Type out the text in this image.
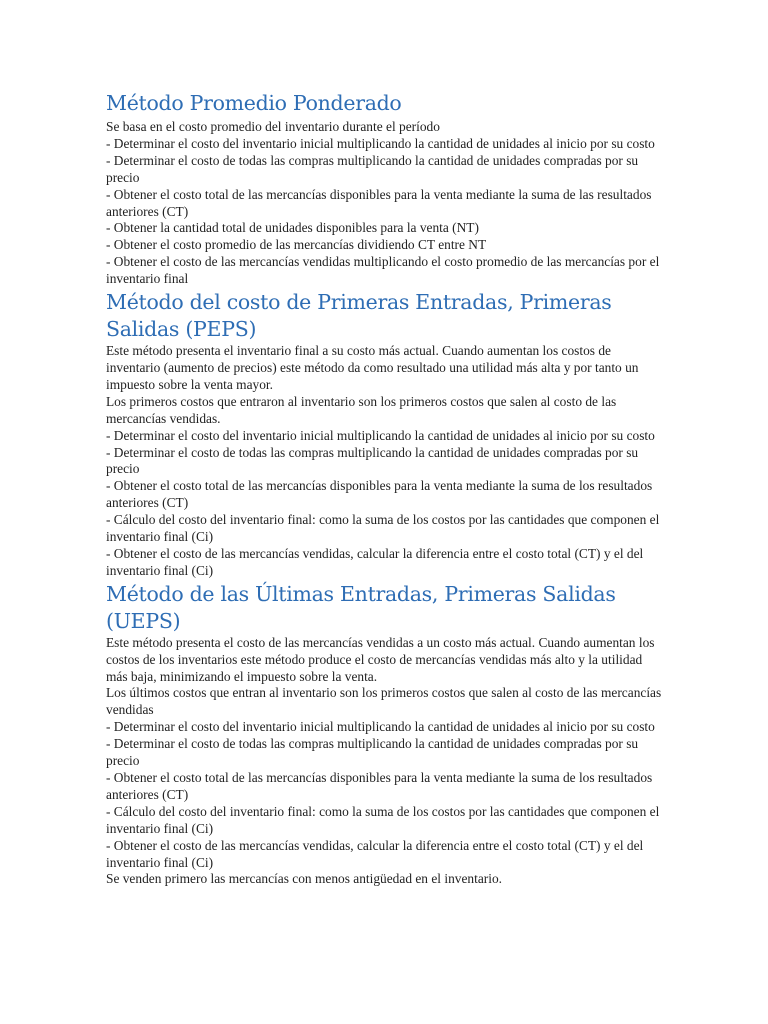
Método Promedio Ponderado

Se basa en el costo promedio del inventario durante el período

- Determinar el costo del inventario inicial multiplicando la cantidad de unidades al inicio por su costo

- Determinar el costo de todas las compras multiplicando la cantidad de unidades compradas por su precio

- Obtener el costo total de las mercancías disponibles para la venta mediante la suma de las resultados anteriores (CT)

- Obtener la cantidad total de unidades disponibles para la venta (NT)

- Obtener el costo promedio de las mercancías dividiendo CT entre NT

- Obtener el costo de las mercancías vendidas multiplicando el costo promedio de las mercancías por el inventario final

Método del costo de Primeras Entradas, Primeras Salidas (PEPS)

Este método presenta el inventario final a su costo más actual. Cuando aumentan los costos de inventario (aumento de precios) este método da como resultado una utilidad más alta y por tanto un impuesto sobre la venta mayor.

Los primeros costos que entraron al inventario son los primeros costos que salen al costo de las mercancías vendidas.

- Determinar el costo del inventario inicial multiplicando la cantidad de unidades al inicio por su costo

- Determinar el costo de todas las compras multiplicando la cantidad de unidades compradas por su precio

- Obtener el costo total de las mercancías disponibles para la venta mediante la suma de los resultados anteriores (CT)

- Cálculo del costo del inventario final: como la suma de los costos por las cantidades que componen el inventario final (Ci)

- Obtener el costo de las mercancías vendidas, calcular la diferencia entre el costo total (CT) y el del inventario final (Ci)

Método de las Últimas Entradas, Primeras Salidas (UEPS)

Este método presenta el costo de las mercancías vendidas a un costo más actual. Cuando aumentan los costos de los inventarios este método produce el costo de mercancías vendidas más alto y la utilidad más baja, minimizando el impuesto sobre la venta.

Los últimos costos que entran al inventario son los primeros costos que salen al costo de las mercancías vendidas

- Determinar el costo del inventario inicial multiplicando la cantidad de unidades al inicio por su costo

- Determinar el costo de todas las compras multiplicando la cantidad de unidades compradas por su precio

- Obtener el costo total de las mercancías disponibles para la venta mediante la suma de los resultados anteriores (CT)

- Cálculo del costo del inventario final: como la suma de los costos por las cantidades que componen el inventario final (Ci)

- Obtener el costo de las mercancías vendidas, calcular la diferencia entre el costo total (CT) y el del inventario final (Ci)

Se venden primero las mercancías con menos antigüedad en el inventario.
